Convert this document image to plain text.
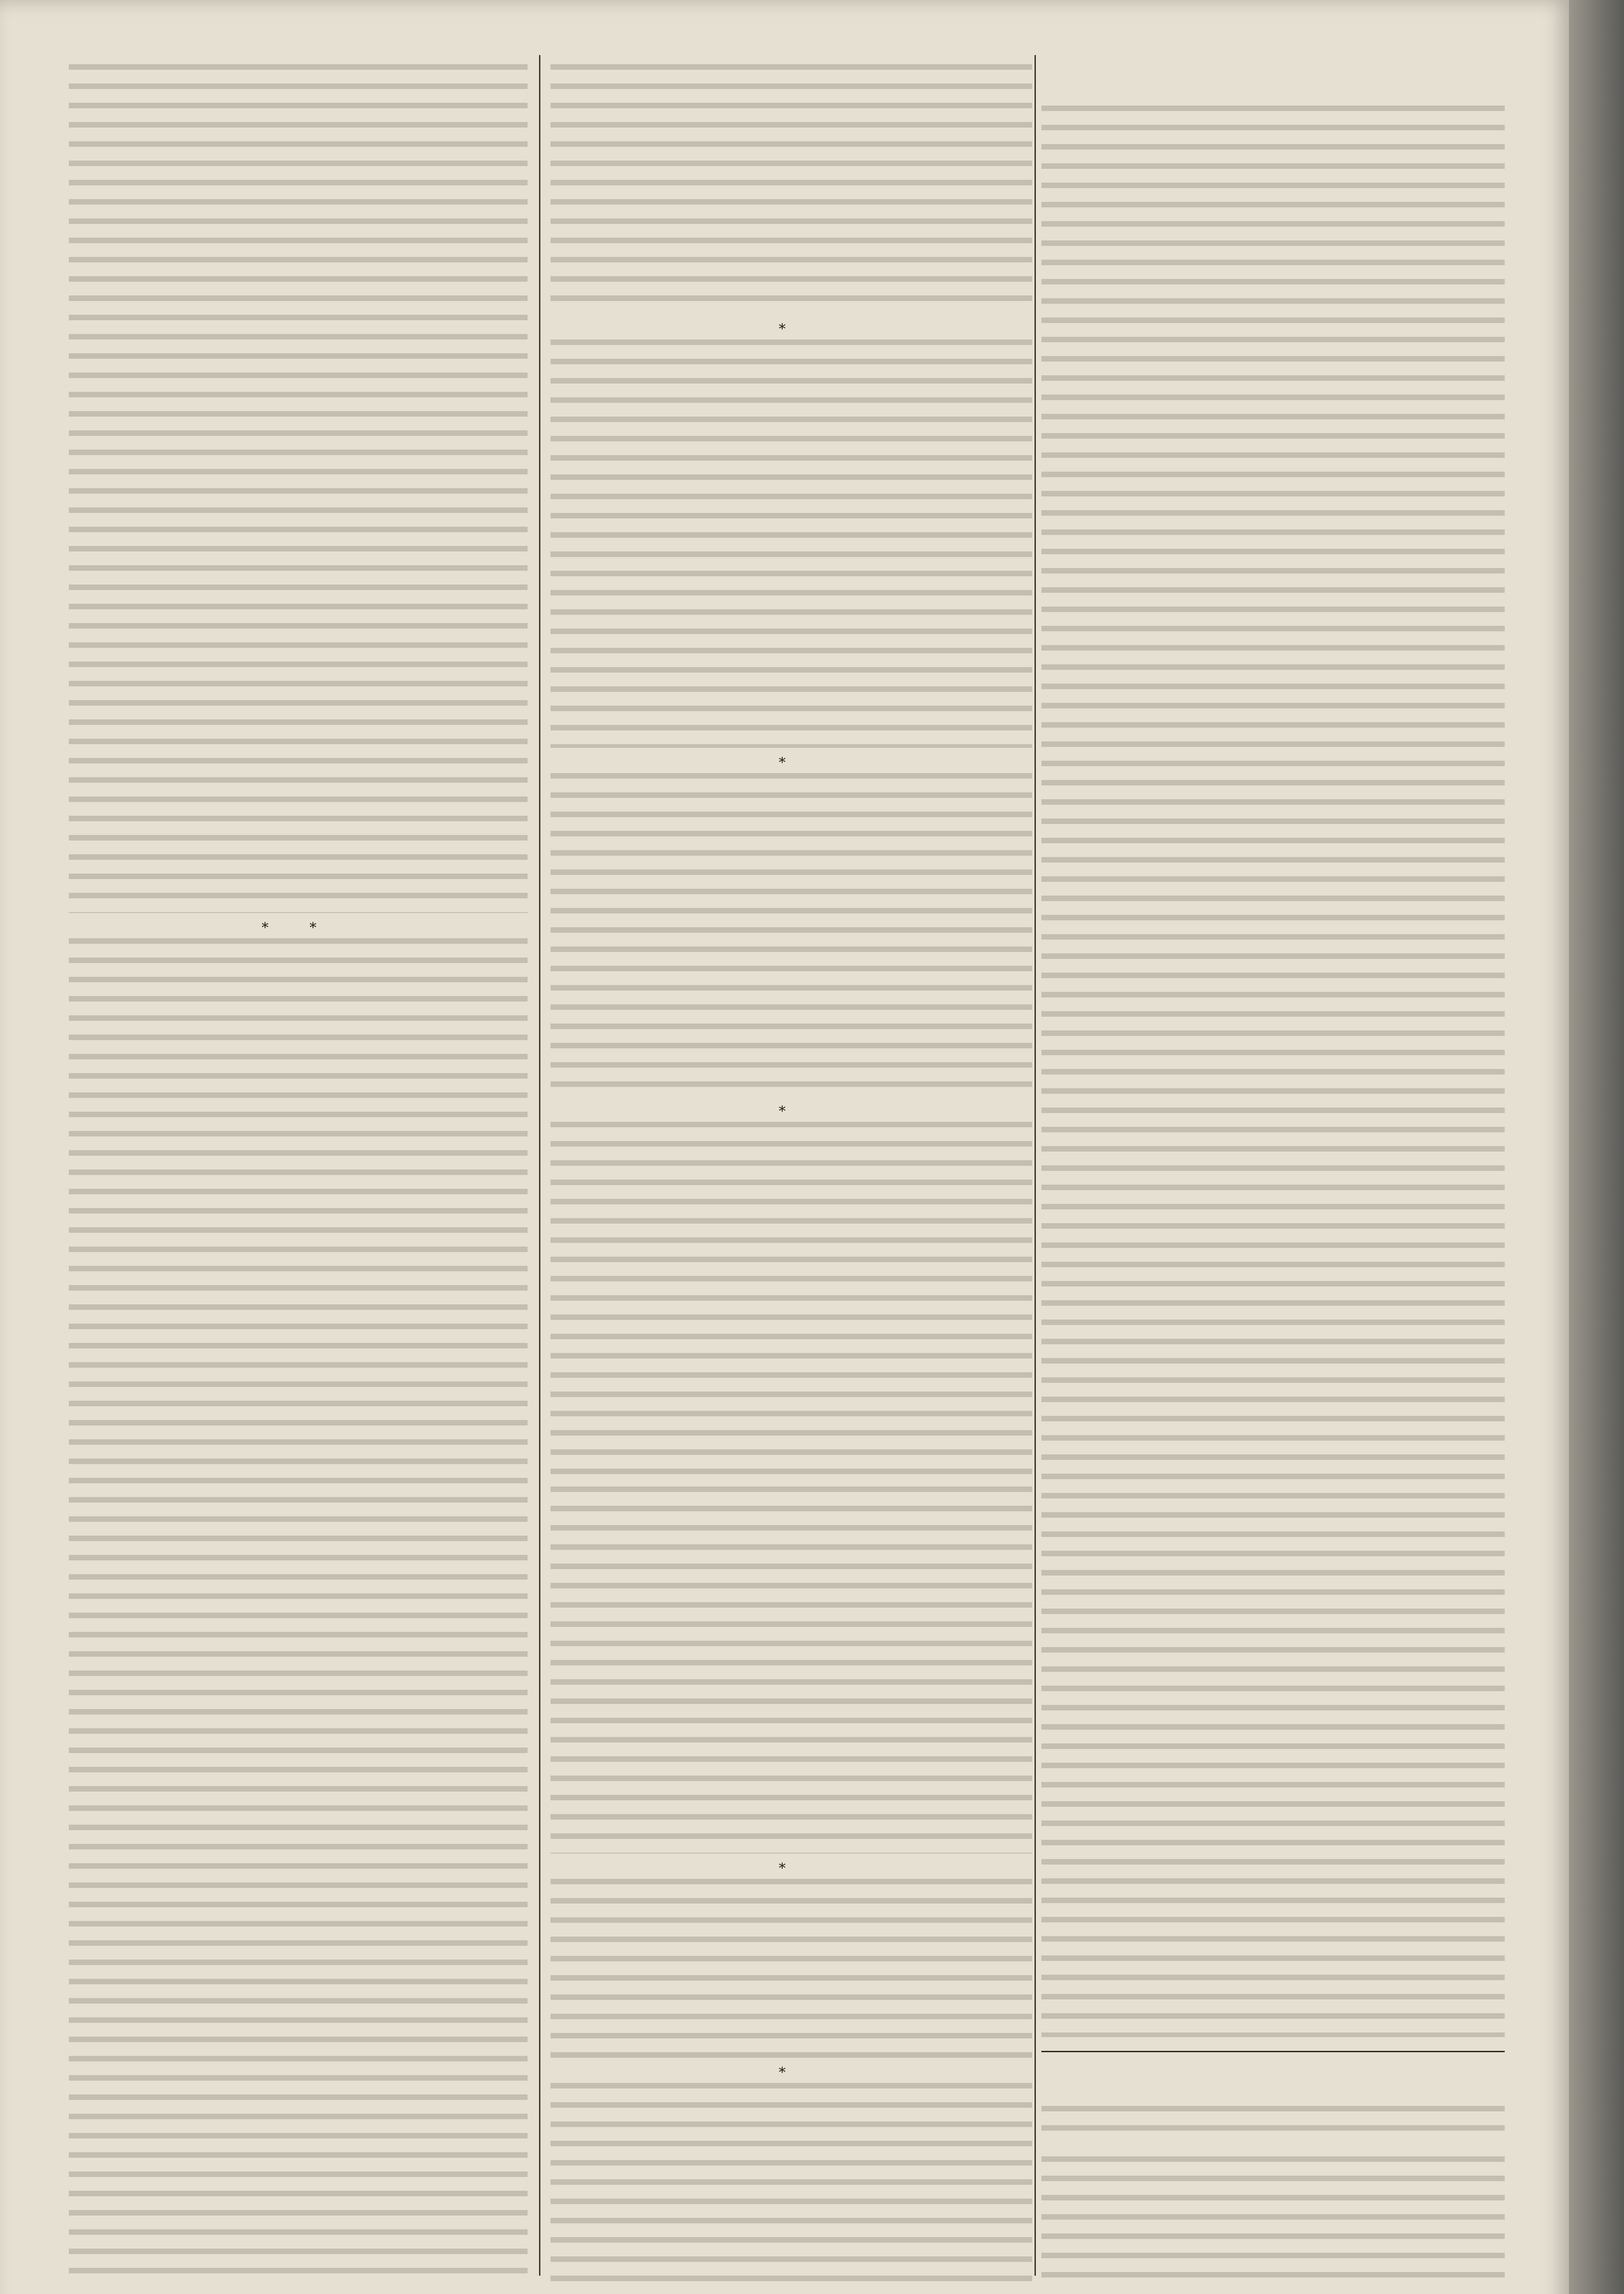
* *
*
*
*
*
*
